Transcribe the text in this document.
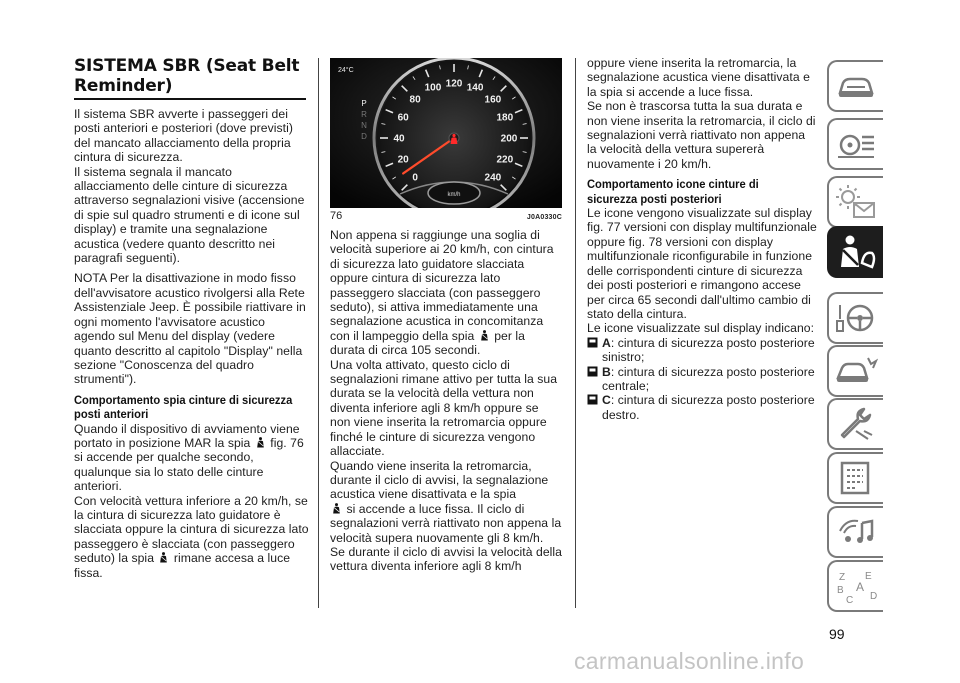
SISTEMA SBR (Seat Belt Reminder)

Il sistema SBR avverte i passeggeri dei posti anteriori e posteriori (dove previsti) del mancato allacciamento della propria cintura di sicurezza.

Il sistema segnala il mancato allacciamento delle cinture di sicurezza attraverso segnalazioni visive (accensione di spie sul quadro strumenti e di icone sul display) e tramite una segnalazione acustica (vedere quanto descritto nei paragrafi seguenti).

NOTA Per la disattivazione in modo fisso dell'avvisatore acustico rivolgersi alla Rete Assistenziale Jeep. È possibile riattivare in ogni momento l'avvisatore acustico agendo sul Menu del display (vedere quanto descritto al capitolo "Display" nella sezione "Conoscenza del quadro strumenti").

Comportamento spia cinture di sicurezza posti anteriori

Quando il dispositivo di avviamento viene portato in posizione MAR la spia fig. 76 si accende per qualche secondo, qualunque sia lo stato delle cinture anteriori.

Con velocità vettura inferiore a 20 km/h, se la cintura di sicurezza lato guidatore è slacciata oppure la cintura di sicurezza lato passeggero è slacciata (con passeggero seduto) la spia rimane accesa a luce fissa.

0
20
40
60
80
100 120 140
160
180
200
220
240
km/h
24°C
P
R
N
D
76	J0A0330C

Non appena si raggiunge una soglia di velocità superiore ai 20 km/h, con cintura di sicurezza lato guidatore slacciata oppure cintura di sicurezza lato passeggero slacciata (con passeggero seduto), si attiva immediatamente una segnalazione acustica in concomitanza con il lampeggio della spia per la durata di circa 105 secondi.

Una volta attivato, questo ciclo di segnalazioni rimane attivo per tutta la sua durata se la velocità della vettura non diventa inferiore agli 8 km/h oppure se non viene inserita la retromarcia oppure finché le cinture di sicurezza vengono allacciate.

Quando viene inserita la retromarcia, durante il ciclo di avvisi, la segnalazione acustica viene disattivata e la spia

si accende a luce fissa. Il ciclo di segnalazioni verrà riattivato non appena la velocità supera nuovamente gli 8 km/h.

Se durante il ciclo di avvisi la velocità della vettura diventa inferiore agli 8 km/h

oppure viene inserita la retromarcia, la segnalazione acustica viene disattivata e la spia si accende a luce fissa.

Se non è trascorsa tutta la sua durata e non viene inserita la retromarcia, il ciclo di segnalazioni verrà riattivato non appena la velocità della vettura supererà nuovamente i 20 km/h.

Comportamento icone cinture di sicurezza posti posteriori

Le icone vengono visualizzate sul display fig. 77 versioni con display multifunzionale oppure fig. 78 versioni con display multifunzionale riconfigurabile in funzione delle corrispondenti cinture di sicurezza dei posti posteriori e rimangono accese per circa 65 secondi dall'ultimo cambio di stato della cintura.

Le icone visualizzate sul display indicano:

A: cintura di sicurezza posto posteriore sinistro;

B: cintura di sicurezza posto posteriore centrale;

C: cintura di sicurezza posto posteriore destro.

Z E
B A
C D
99
carmanualsonline.info
